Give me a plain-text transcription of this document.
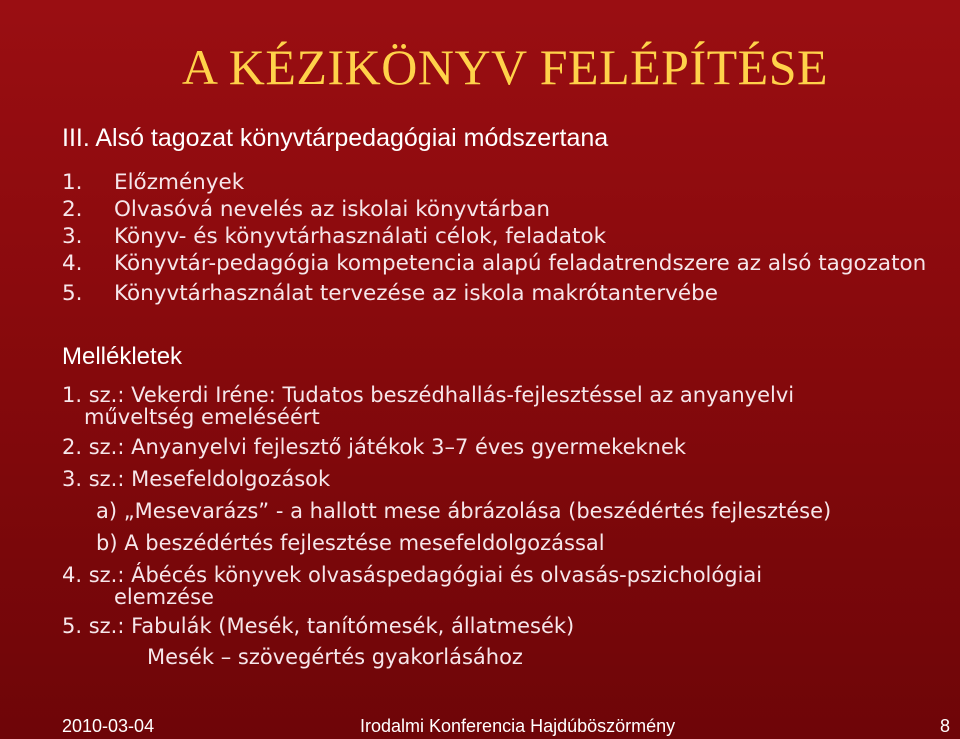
A KÉZIKÖNYV FELÉPÍTÉSE
III. Alsó tagozat könyvtárpedagógiai módszertana
1. Előzmények
2. Olvasóvá nevelés az iskolai könyvtárban
3. Könyv- és könyvtárhasználati célok, feladatok
4. Könyvtár-pedagógia kompetencia alapú feladatrendszere az alsó tagozaton
5. Könyvtárhasználat tervezése az iskola makrótantervébe
Mellékletek
1. sz.: Vekerdi Iréne: Tudatos beszédhallás-fejlesztéssel az anyanyelvi
műveltség emeléséért
2. sz.: Anyanyelvi fejlesztő játékok 3–7 éves gyermekeknek
3. sz.: Mesefeldolgozások
a) „Mesevarázs” - a hallott mese ábrázolása (beszédértés fejlesztése)
b) A beszédértés fejlesztése mesefeldolgozással
4. sz.: Ábécés könyvek olvasáspedagógiai és olvasás-pszichológiai
elemzése
5. sz.: Fabulák (Mesék, tanítómesék, állatmesék)
Mesék – szövegértés gyakorlásához
2010-03-04	Irodalmi Konferencia Hajdúböszörmény	8
